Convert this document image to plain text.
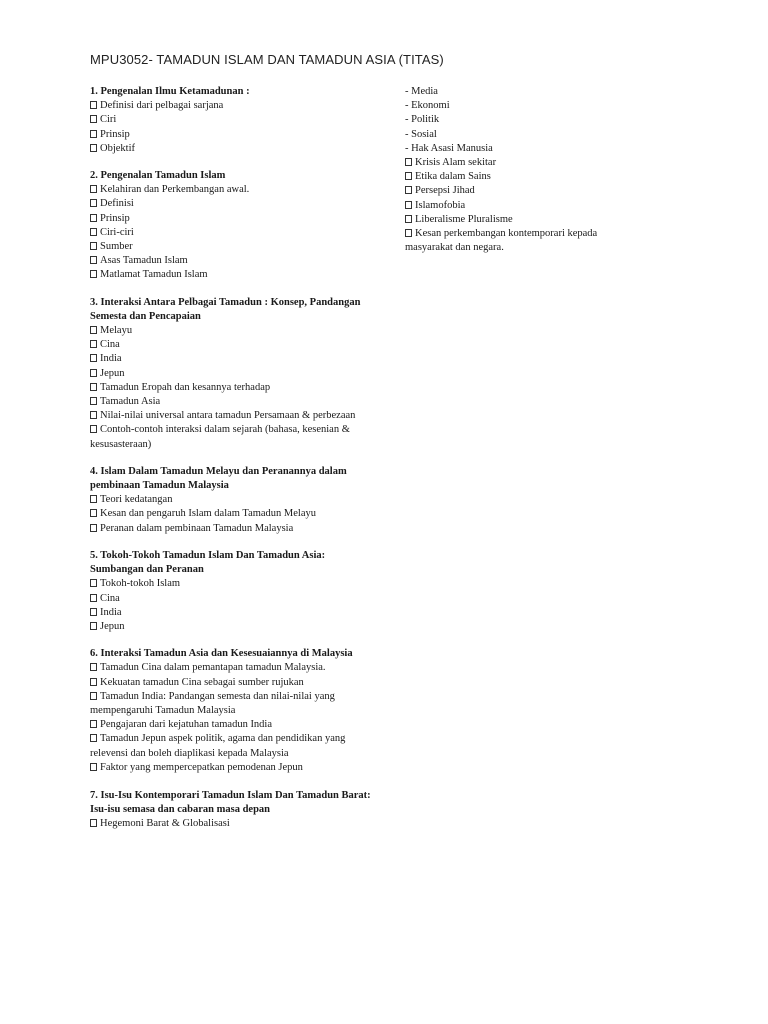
MPU3052- TAMADUN ISLAM DAN TAMADUN ASIA (TITAS)
1. Pengenalan Ilmu Ketamadunan :
Definisi dari pelbagai sarjana
Ciri
Prinsip
Objektif
2. Pengenalan Tamadun Islam
Kelahiran dan Perkembangan awal.
Definisi
Prinsip
Ciri-ciri
Sumber
Asas Tamadun Islam
Matlamat Tamadun Islam
3. Interaksi Antara Pelbagai Tamadun : Konsep, Pandangan Semesta dan Pencapaian
Melayu
Cina
India
Jepun
Tamadun Eropah dan kesannya terhadap
Tamadun Asia
Nilai-nilai universal antara tamadun Persamaan & perbezaan
Contoh-contoh interaksi dalam sejarah (bahasa, kesenian & kesusasteraan)
4. Islam Dalam Tamadun Melayu dan Peranannya dalam pembinaan Tamadun Malaysia
Teori kedatangan
Kesan dan pengaruh Islam dalam Tamadun Melayu
Peranan dalam pembinaan Tamadun Malaysia
5. Tokoh-Tokoh Tamadun Islam Dan Tamadun Asia: Sumbangan dan Peranan
Tokoh-tokoh Islam
Cina
India
Jepun
6. Interaksi Tamadun Asia dan Kesesuaiannya di Malaysia
Tamadun Cina dalam pemantapan tamadun Malaysia.
Kekuatan tamadun Cina sebagai sumber rujukan
Tamadun India: Pandangan semesta dan nilai-nilai yang mempengaruhi Tamadun Malaysia
Pengajaran dari kejatuhan tamadun India
Tamadun Jepun aspek politik, agama dan pendidikan yang relevensi dan boleh diaplikasi kepada Malaysia
Faktor yang mempercepatkan pemodenan Jepun
7. Isu-Isu Kontemporari Tamadun Islam Dan Tamadun Barat: Isu-isu semasa dan cabaran masa depan
Hegemoni Barat & Globalisasi
- Media
- Ekonomi
- Politik
- Sosial
- Hak Asasi Manusia
Krisis Alam sekitar
Etika dalam Sains
Persepsi Jihad
Islamofobia
Liberalisme Pluralisme
Kesan perkembangan kontemporari kepada masyarakat dan negara.
